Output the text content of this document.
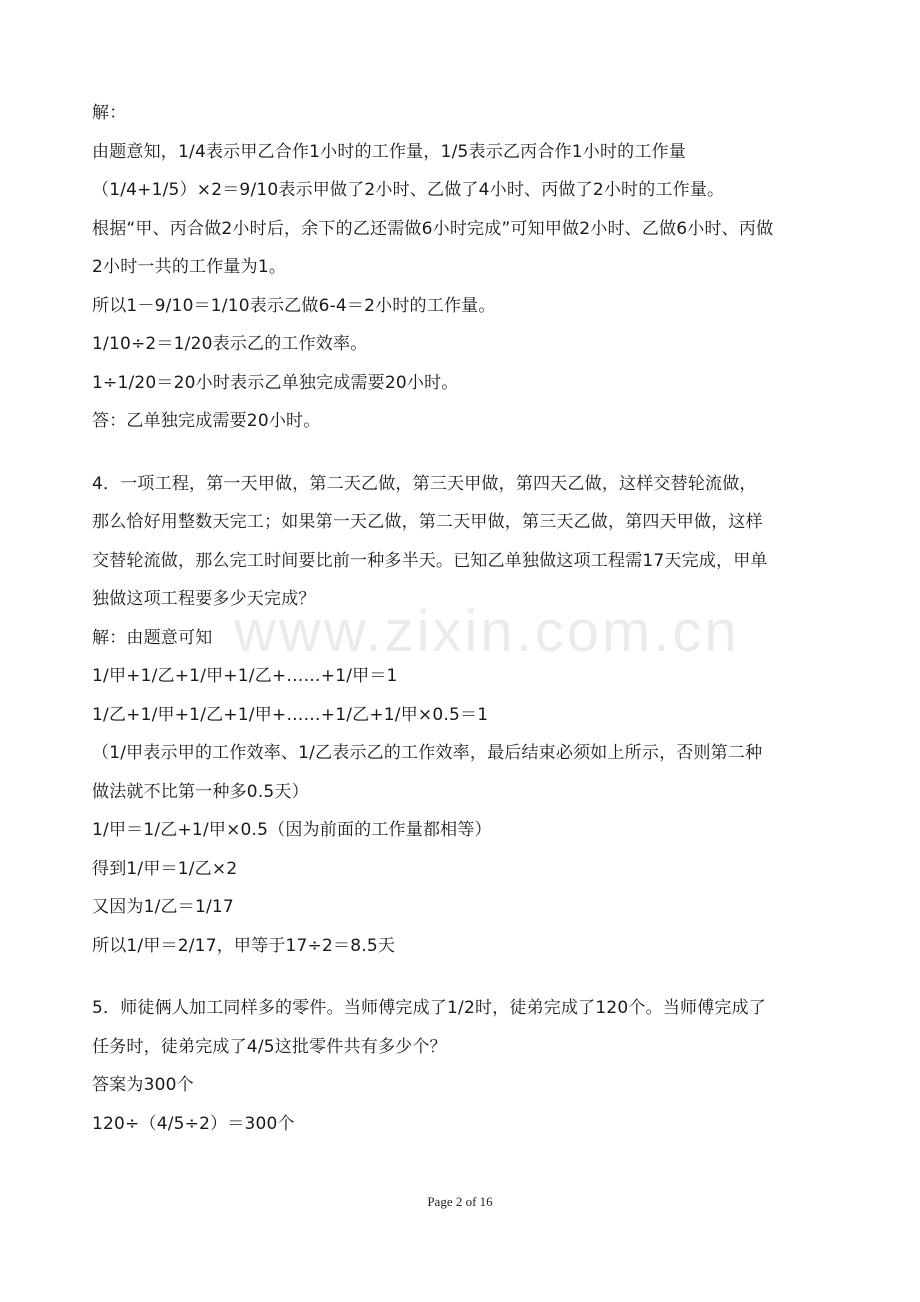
www.zixin.com.cn
解：
由题意知，1/4表示甲乙合作1小时的工作量，1/5表示乙丙合作1小时的工作量
（1/4+1/5）×2＝9/10表示甲做了2小时、乙做了4小时、丙做了2小时的工作量。
根据“甲、丙合做2小时后，余下的乙还需做6小时完成”可知甲做2小时、乙做6小时、丙做
2小时一共的工作量为1。
所以1－9/10＝1/10表示乙做6-4＝2小时的工作量。
1/10÷2＝1/20表示乙的工作效率。
1÷1/20＝20小时表示乙单独完成需要20小时。
答：乙单独完成需要20小时。
4．一项工程，第一天甲做，第二天乙做，第三天甲做，第四天乙做，这样交替轮流做，
那么恰好用整数天完工；如果第一天乙做，第二天甲做，第三天乙做，第四天甲做，这样
交替轮流做，那么完工时间要比前一种多半天。已知乙单独做这项工程需17天完成，甲单
独做这项工程要多少天完成？
解：由题意可知
1/甲+1/乙+1/甲+1/乙+……+1/甲＝1
1/乙+1/甲+1/乙+1/甲+……+1/乙+1/甲×0.5＝1
（1/甲表示甲的工作效率、1/乙表示乙的工作效率，最后结束必须如上所示，否则第二种
做法就不比第一种多0.5天）
1/甲＝1/乙+1/甲×0.5（因为前面的工作量都相等）
得到1/甲＝1/乙×2
又因为1/乙＝1/17
所以1/甲＝2/17，甲等于17÷2＝8.5天
5．师徒俩人加工同样多的零件。当师傅完成了1/2时，徒弟完成了120个。当师傅完成了
任务时，徒弟完成了4/5这批零件共有多少个？
答案为300个
120÷（4/5÷2）＝300个
Page 2 of 16
